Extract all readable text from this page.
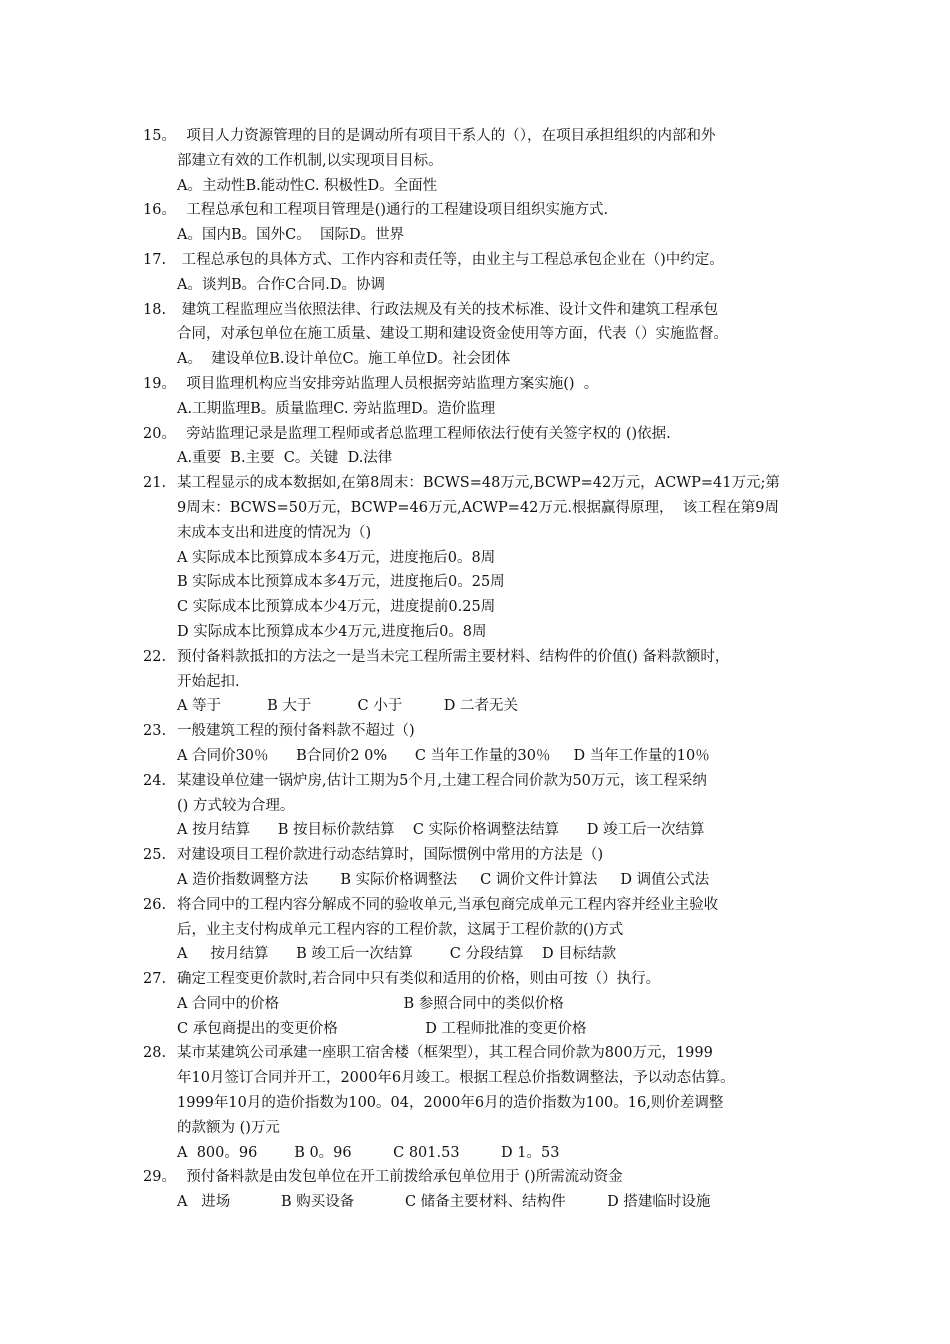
15。  项目人力资源管理的目的是调动所有项目干系人的（），在项目承担组织的内部和外
部建立有效的工作机制,以实现项目目标。
A。主动性B.能动性C. 积极性D。全面性
16。  工程总承包和工程项目管理是()通行的工程建设项目组织实施方式.
A。国内B。国外C。  国际D。世界
17. 工程总承包的具体方式、工作内容和责任等，由业主与工程总承包企业在（)中约定。
A。谈判B。合作C合同.D。协调
18. 建筑工程监理应当依照法律、行政法规及有关的技术标准、设计文件和建筑工程承包
合同，对承包单位在施工质量、建设工期和建设资金使用等方面，代表（）实施监督。
A。  建设单位B.设计单位C。施工单位D。社会团体
19。  项目监理机构应当安排旁站监理人员根据旁站监理方案实施()  。
A.工期监理B。质量监理C. 旁站监理D。造价监理
20。  旁站监理记录是监理工程师或者总监理工程师依法行使有关签字权的 ()依据.
A.重要  B.主要  C。关键  D.法律
21. 某工程显示的成本数据如,在第8周末：BCWS=48万元,BCWP=42万元，ACWP=41万元;第
9周末：BCWS=50万元，BCWP=46万元,ACWP=42万元.根据赢得原理，  该工程在第9周
末成本支出和进度的情况为（)
A 实际成本比预算成本多4万元，进度拖后0。8周
B 实际成本比预算成本多4万元，进度拖后0。25周
C 实际成本比预算成本少4万元，进度提前0.25周
D 实际成本比预算成本少4万元,进度拖后0。8周
22. 预付备料款抵扣的方法之一是当未完工程所需主要材料、结构件的价值() 备料款额时，
开始起扣.
A 等于          B 大于          C 小于         D 二者无关
23. 一般建筑工程的预付备料款不超过（)
A 合同价30％      B合同价2 0%      C 当年工作量的30％     D 当年工作量的10％
24. 某建设单位建一锅炉房,估计工期为5个月,土建工程合同价款为50万元，该工程采纳
() 方式较为合理。
A 按月结算      B 按目标价款结算    C 实际价格调整法结算      D 竣工后一次结算
25. 对建设项目工程价款进行动态结算时，国际惯例中常用的方法是（)
A 造价指数调整方法       B 实际价格调整法     C 调价文件计算法     D 调值公式法
26. 将合同中的工程内容分解成不同的验收单元,当承包商完成单元工程内容并经业主验收
后，业主支付构成单元工程内容的工程价款，这属于工程价款的()方式
A     按月结算      B 竣工后一次结算        C 分段结算    D 目标结款
27. 确定工程变更价款时,若合同中只有类似和适用的价格，则由可按（）执行。
A 合同中的价格                           B 参照合同中的类似价格
C 承包商提出的变更价格                   D 工程师批准的变更价格
28. 某市某建筑公司承建一座职工宿舍楼（框架型），其工程合同价款为800万元，1999
年10月签订合同并开工，2000年6月竣工。根据工程总价指数调整法，予以动态估算。
1999年10月的造价指数为100。04，2000年6月的造价指数为100。16,则价差调整
的款额为 ()万元
A  800。96        B 0。96         C 801.53         D 1。53
29。  预付备料款是由发包单位在开工前拨给承包单位用于 ()所需流动资金
A   进场           B 购买设备           C 储备主要材料、结构件         D 搭建临时设施
